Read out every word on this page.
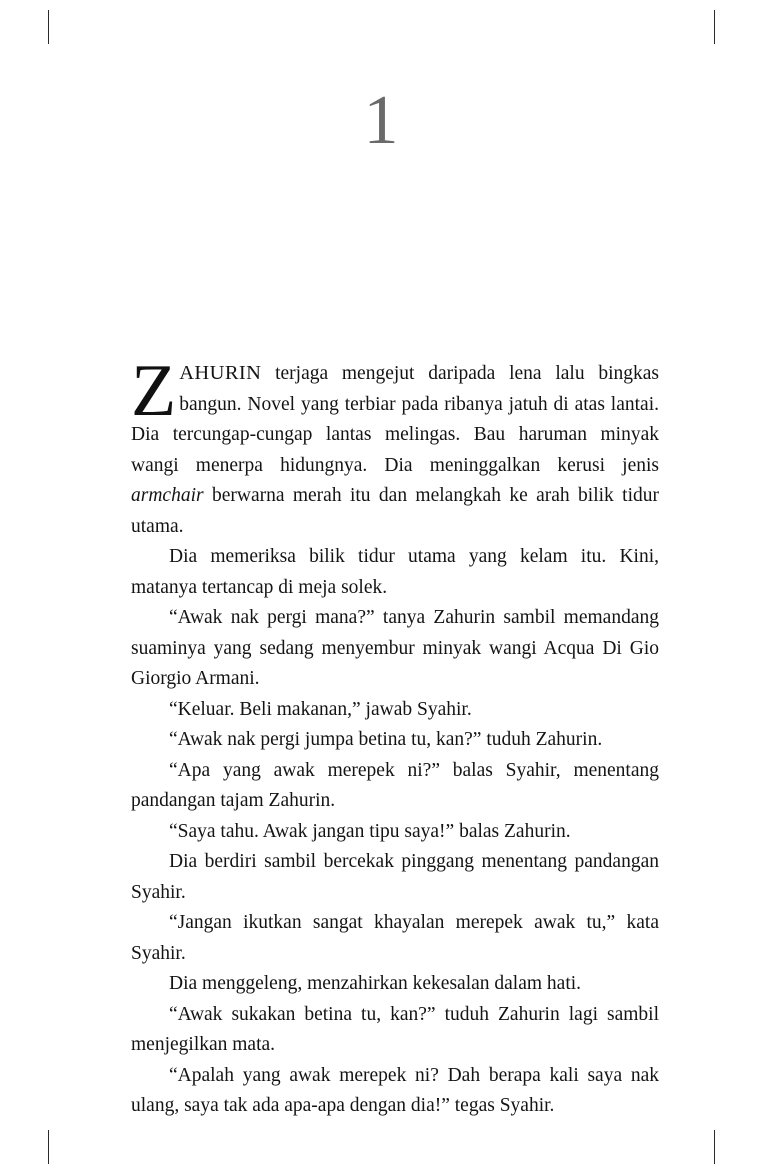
1

ZAHURIN terjaga mengejut daripada lena lalu bingkas bangun. Novel yang terbiar pada ribanya jatuh di atas lantai. Dia tercungap-cungap lantas melingas. Bau haruman minyak wangi menerpa hidungnya. Dia meninggalkan kerusi jenis armchair berwarna merah itu dan melangkah ke arah bilik tidur utama.

Dia memeriksa bilik tidur utama yang kelam itu. Kini, matanya tertancap di meja solek.

“Awak nak pergi mana?” tanya Zahurin sambil memandang suaminya yang sedang menyembur minyak wangi Acqua Di Gio Giorgio Armani.

“Keluar. Beli makanan,” jawab Syahir.

“Awak nak pergi jumpa betina tu, kan?” tuduh Zahurin.

“Apa yang awak merepek ni?” balas Syahir, menentang pandangan tajam Zahurin.

“Saya tahu. Awak jangan tipu saya!” balas Zahurin.

Dia berdiri sambil bercekak pinggang menentang pandangan Syahir.

“Jangan ikutkan sangat khayalan merepek awak tu,” kata Syahir.

Dia menggeleng, menzahirkan kekesalan dalam hati.

“Awak sukakan betina tu, kan?” tuduh Zahurin lagi sambil menjegilkan mata.

“Apalah yang awak merepek ni? Dah berapa kali saya nak ulang, saya tak ada apa-apa dengan dia!” tegas Syahir.
